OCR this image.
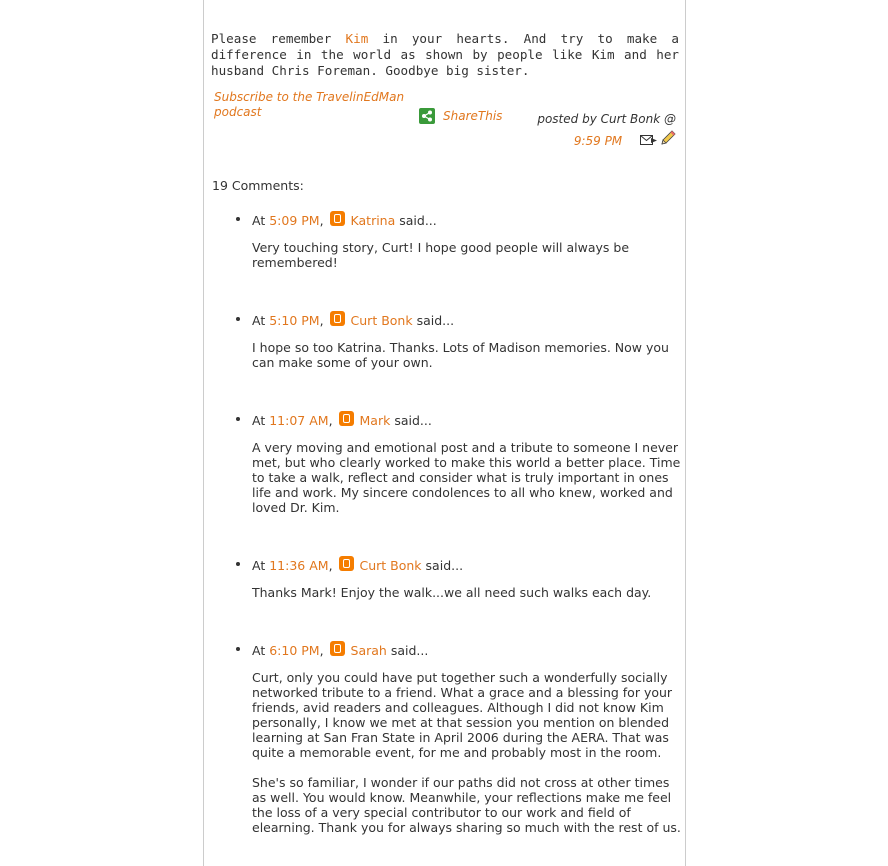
Please remember Kim in your hearts. And try to make a difference in the world as shown by people like Kim and her husband Chris Foreman. Goodbye big sister.

Subscribe to the TravelinEdMan podcast	ShareThis	posted by Curt Bonk @ 9:59 PM
19 Comments:
At 5:09 PM,  Katrina said...

Very touching story, Curt! I hope good people will always be remembered!

At 5:10 PM,  Curt Bonk said...

I hope so too Katrina. Thanks. Lots of Madison memories. Now you can make some of your own.

At 11:07 AM,  Mark said...

A very moving and emotional post and a tribute to someone I never met, but who clearly worked to make this world a better place. Time to take a walk, reflect and consider what is truly important in ones life and work. My sincere condolences to all who knew, worked and loved Dr. Kim.

At 11:36 AM,  Curt Bonk said...

Thanks Mark! Enjoy the walk...we all need such walks each day.

At 6:10 PM,  Sarah said...

Curt, only you could have put together such a wonderfully socially networked tribute to a friend. What a grace and a blessing for your friends, avid readers and colleagues. Although I did not know Kim personally, I know we met at that session you mention on blended learning at San Fran State in April 2006 during the AERA. That was quite a memorable event, for me and probably most in the room.

She's so familiar, I wonder if our paths did not cross at other times as well. You would know. Meanwhile, your reflections make me feel the loss of a very special contributor to our work and field of elearning. Thank you for always sharing so much with the rest of us.
